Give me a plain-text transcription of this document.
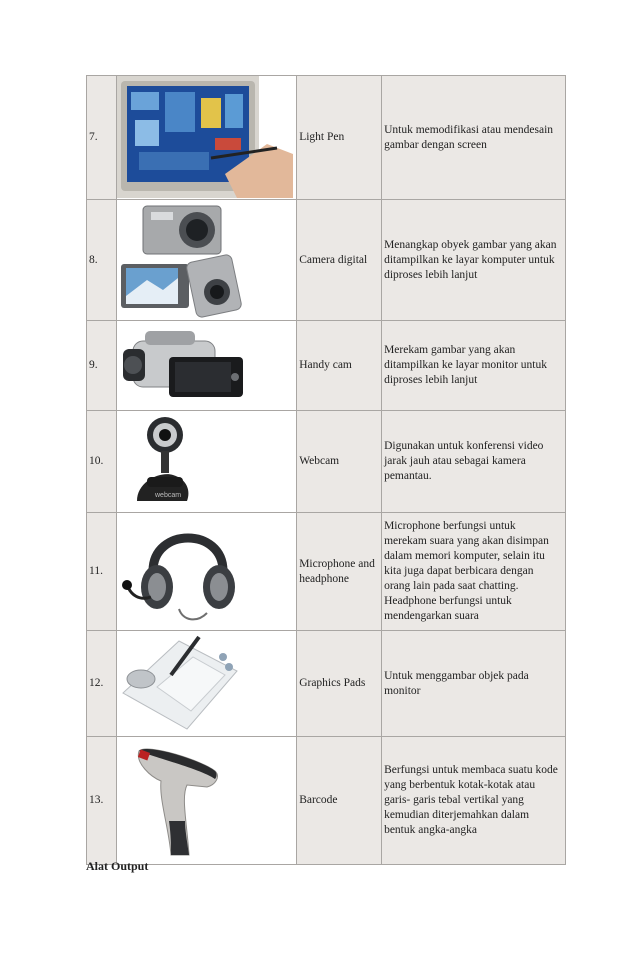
7.		Light Pen	Untuk memodifikasi atau mendesain gambar dengan screen
8.		Camera digital	Menangkap obyek gambar yang akan ditampilkan ke layar komputer untuk diproses lebih lanjut
9.		Handy cam	Merekam gambar yang akan ditampilkan ke layar monitor untuk diproses lebih lanjut
10.	webcam	Webcam	Digunakan untuk konferensi video jarak jauh atau sebagai kamera pemantau.
11.		Microphone and headphone	Microphone berfungsi untuk merekam suara yang akan disimpan dalam memori komputer, selain itu kita juga dapat berbicara dengan orang lain pada saat chatting. Headphone berfungsi untuk mendengarkan suara
12.		Graphics Pads	Untuk menggambar objek pada monitor
13.		Barcode	Berfungsi untuk membaca suatu kode yang berbentuk kotak-kotak atau garis- garis tebal vertikal yang kemudian diterjemahkan dalam bentuk angka-angka
Alat Output
